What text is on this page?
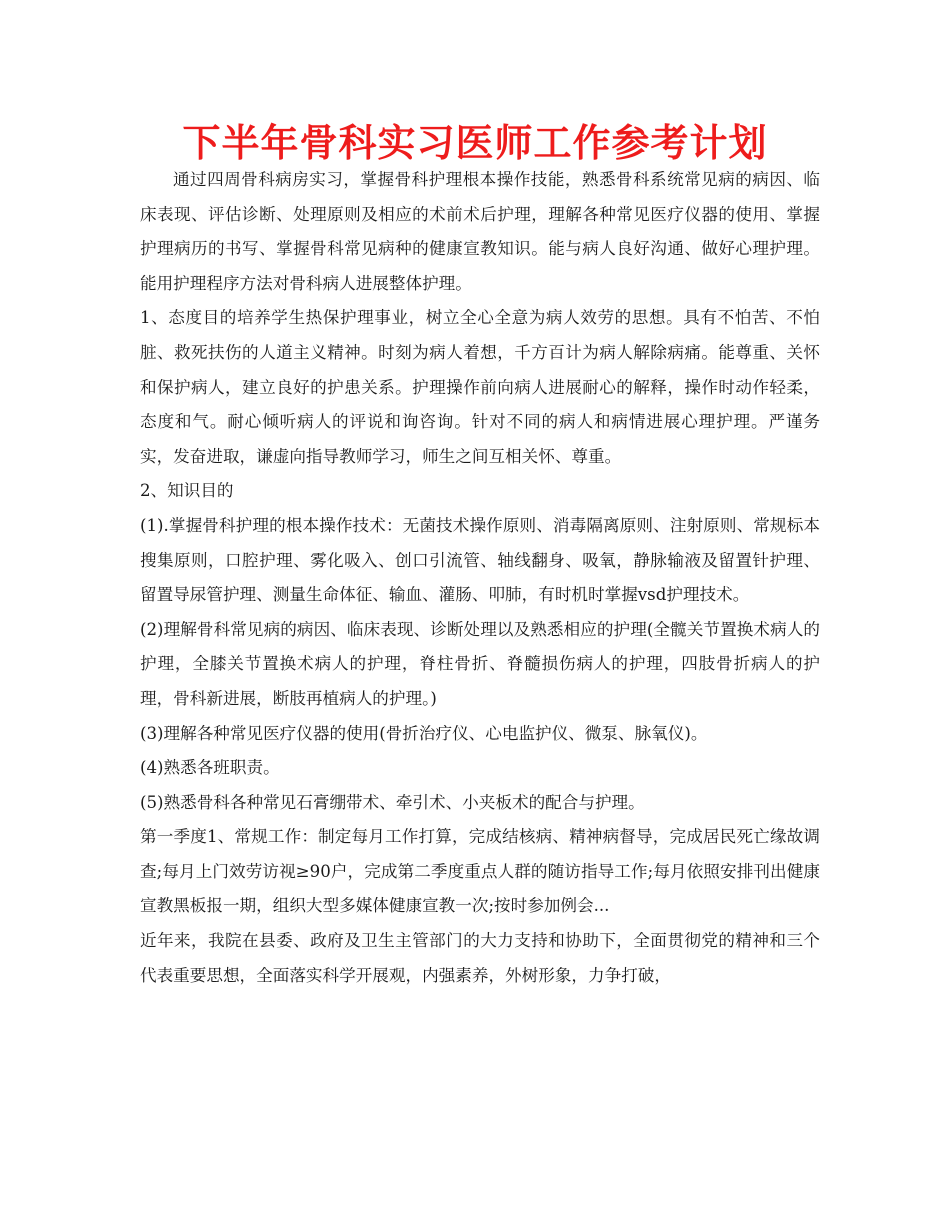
下半年骨科实习医师工作参考计划

通过四周骨科病房实习，掌握骨科护理根本操作技能，熟悉骨科系统常见病的病因、临床表现、评估诊断、处理原则及相应的术前术后护理，理解各种常见医疗仪器的使用、掌握护理病历的书写、掌握骨科常见病种的健康宣教知识。能与病人良好沟通、做好心理护理。能用护理程序方法对骨科病人进展整体护理。

1、态度目的培养学生热保护理事业，树立全心全意为病人效劳的思想。具有不怕苦、不怕脏、救死扶伤的人道主义精神。时刻为病人着想，千方百计为病人解除病痛。能尊重、关怀和保护病人，建立良好的护患关系。护理操作前向病人进展耐心的解释，操作时动作轻柔，态度和气。耐心倾听病人的评说和询咨询。针对不同的病人和病情进展心理护理。严谨务实，发奋进取，谦虚向指导教师学习，师生之间互相关怀、尊重。

2、知识目的

(1).掌握骨科护理的根本操作技术：无菌技术操作原则、消毒隔离原则、注射原则、常规标本搜集原则，口腔护理、雾化吸入、创口引流管、轴线翻身、吸氧，静脉输液及留置针护理、留置导尿管护理、测量生命体征、输血、灌肠、叩肺，有时机时掌握vsd护理技术。

(2)理解骨科常见病的病因、临床表现、诊断处理以及熟悉相应的护理(全髋关节置换术病人的护理，全膝关节置换术病人的护理，脊柱骨折、脊髓损伤病人的护理，四肢骨折病人的护理，骨科新进展，断肢再植病人的护理。)

(3)理解各种常见医疗仪器的使用(骨折治疗仪、心电监护仪、微泵、脉氧仪)。

(4)熟悉各班职责。

(5)熟悉骨科各种常见石膏绷带术、牵引术、小夹板术的配合与护理。

第一季度1、常规工作：制定每月工作打算，完成结核病、精神病督导，完成居民死亡缘故调查;每月上门效劳访视≥90户，完成第二季度重点人群的随访指导工作;每月依照安排刊出健康宣教黑板报一期，组织大型多媒体健康宣教一次;按时参加例会...

近年来，我院在县委、政府及卫生主管部门的大力支持和协助下，全面贯彻党的精神和三个代表重要思想，全面落实科学开展观，内强素养，外树形象，力争打破，
